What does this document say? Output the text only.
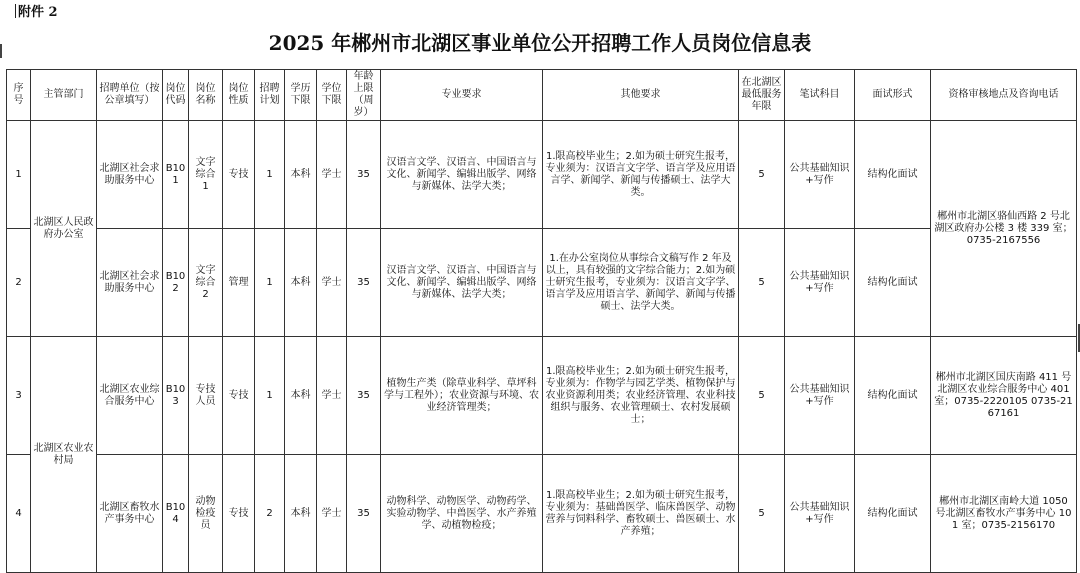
附件 2
2025 年郴州市北湖区事业单位公开招聘工作人员岗位信息表
序号	主管部门	招聘单位（按公章填写）	岗位代码	岗位名称	岗位性质	招聘计划	学历下限	学位下限	年龄上限（周岁）	专业要求	其他要求	在北湖区最低服务年限	笔试科目	面试形式	资格审核地点及咨询电话
1	北湖区人民政府办公室	北湖区社会求助服务中心	B101	文字综合 1	专技	1	本科	学士	35	汉语言文学、汉语言、中国语言与文化、新闻学、编辑出版学、网络与新媒体、法学大类；	1.限高校毕业生；2.如为硕士研究生报考，专业须为：汉语言文字学、语言学及应用语言学、新闻学、新闻与传播硕士、法学大类。	5	公共基础知识+写作	结构化面试	郴州市北湖区骆仙西路 2 号北湖区政府办公楼 3 楼 339 室；0735-2167556
2		北湖区社会求助服务中心	B102	文字综合 2	管理	1	本科	学士	35	汉语言文学、汉语言、中国语言与文化、新闻学、编辑出版学、网络与新媒体、法学大类；	1.在办公室岗位从事综合文稿写作 2 年及以上，具有较强的文字综合能力；2.如为硕士研究生报考，专业须为：汉语言文字学、语言学及应用语言学、新闻学、新闻与传播硕士、法学大类。	5	公共基础知识+写作	结构化面试	
3	北湖区农业农村局	北湖区农业综合服务中心	B103	专技人员	专技	1	本科	学士	35	植物生产类（除草业科学、草坪科学与工程外）；农业资源与环境、农业经济管理类；	1.限高校毕业生；2.如为硕士研究生报考，专业须为：作物学与园艺学类、植物保护与农业资源利用类；农业经济管理、农业科技组织与服务、农业管理硕士、农村发展硕士；	5	公共基础知识+写作	结构化面试	郴州市北湖区国庆南路 411 号北湖区农业综合服务中心 401 室；0735-2220105 0735-2167161
4		北湖区畜牧水产事务中心	B104	动物检疫员	专技	2	本科	学士	35	动物科学、动物医学、动物药学、实验动物学、中兽医学、水产养殖学、动植物检疫；	1.限高校毕业生；2.如为硕士研究生报考，专业须为：基础兽医学、临床兽医学、动物营养与饲料科学、畜牧硕士、兽医硕士、水产养殖；	5	公共基础知识+写作	结构化面试	郴州市北湖区南岭大道 1050 号北湖区畜牧水产事务中心 101 室；0735-2156170
